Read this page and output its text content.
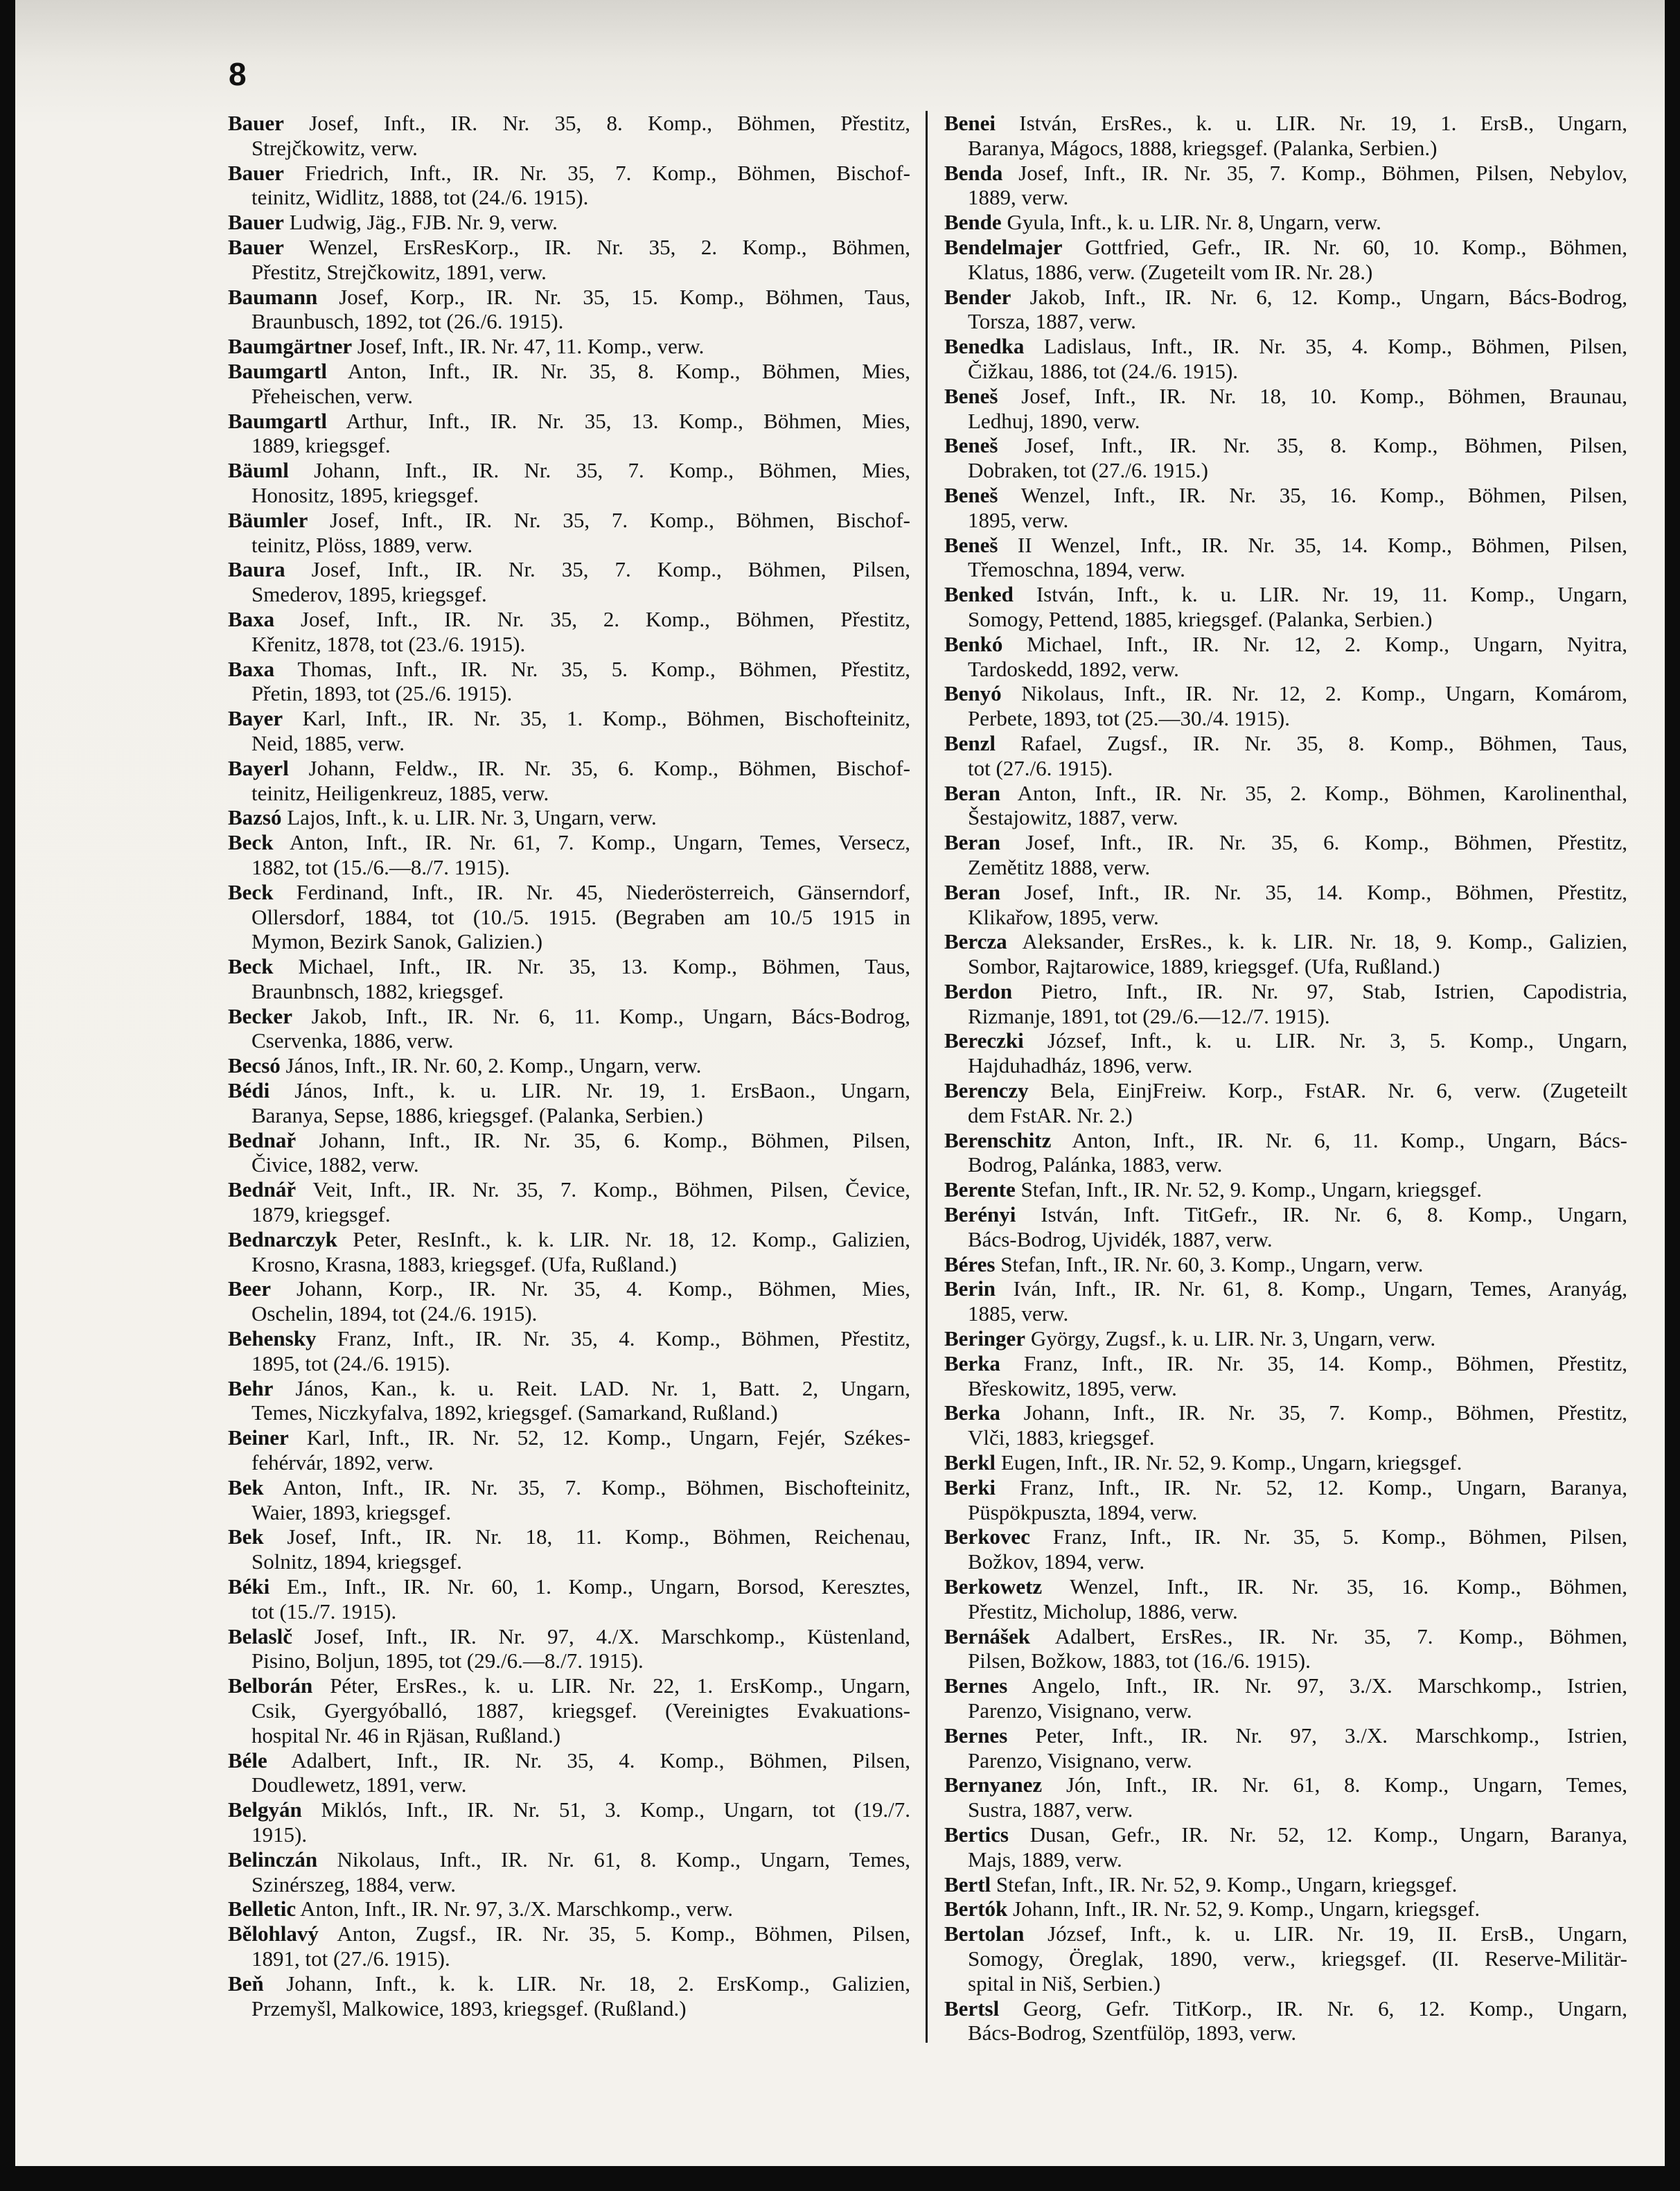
8
Bauer Josef, Inft., IR. Nr. 35, 8. Komp., Böhmen, Přestitz,
Strejčkowitz, verw.
Bauer Friedrich, Inft., IR. Nr. 35, 7. Komp., Böhmen, Bischof-
teinitz, Widlitz, 1888, tot (24./6. 1915).
Bauer Ludwig, Jäg., FJB. Nr. 9, verw.
Bauer Wenzel, ErsResKorp., IR. Nr. 35, 2. Komp., Böhmen,
Přestitz, Strejčkowitz, 1891, verw.
Baumann Josef, Korp., IR. Nr. 35, 15. Komp., Böhmen, Taus,
Braunbusch, 1892, tot (26./6. 1915).
Baumgärtner Josef, Inft., IR. Nr. 47, 11. Komp., verw.
Baumgartl Anton, Inft., IR. Nr. 35, 8. Komp., Böhmen, Mies,
Přeheischen, verw.
Baumgartl Arthur, Inft., IR. Nr. 35, 13. Komp., Böhmen, Mies,
1889, kriegsgef.
Bäuml Johann, Inft., IR. Nr. 35, 7. Komp., Böhmen, Mies,
Honositz, 1895, kriegsgef.
Bäumler Josef, Inft., IR. Nr. 35, 7. Komp., Böhmen, Bischof-
teinitz, Plöss, 1889, verw.
Baura Josef, Inft., IR. Nr. 35, 7. Komp., Böhmen, Pilsen,
Smederov, 1895, kriegsgef.
Baxa Josef, Inft., IR. Nr. 35, 2. Komp., Böhmen, Přestitz,
Křenitz, 1878, tot (23./6. 1915).
Baxa Thomas, Inft., IR. Nr. 35, 5. Komp., Böhmen, Přestitz,
Přetin, 1893, tot (25./6. 1915).
Bayer Karl, Inft., IR. Nr. 35, 1. Komp., Böhmen, Bischofteinitz,
Neid, 1885, verw.
Bayerl Johann, Feldw., IR. Nr. 35, 6. Komp., Böhmen, Bischof-
teinitz, Heiligenkreuz, 1885, verw.
Bazsó Lajos, Inft., k. u. LIR. Nr. 3, Ungarn, verw.
Beck Anton, Inft., IR. Nr. 61, 7. Komp., Ungarn, Temes, Versecz,
1882, tot (15./6.—8./7. 1915).
Beck Ferdinand, Inft., IR. Nr. 45, Niederösterreich, Gänserndorf,
Ollersdorf, 1884, tot (10./5. 1915. (Begraben am 10./5 1915 in
Mymon, Bezirk Sanok, Galizien.)
Beck Michael, Inft., IR. Nr. 35, 13. Komp., Böhmen, Taus,
Braunbnsch, 1882, kriegsgef.
Becker Jakob, Inft., IR. Nr. 6, 11. Komp., Ungarn, Bács-Bodrog,
Cservenka, 1886, verw.
Becsó János, Inft., IR. Nr. 60, 2. Komp., Ungarn, verw.
Bédi János, Inft., k. u. LIR. Nr. 19, 1. ErsBaon., Ungarn,
Baranya, Sepse, 1886, kriegsgef. (Palanka, Serbien.)
Bednař Johann, Inft., IR. Nr. 35, 6. Komp., Böhmen, Pilsen,
Čivice, 1882, verw.
Bednář Veit, Inft., IR. Nr. 35, 7. Komp., Böhmen, Pilsen, Čevice,
1879, kriegsgef.
Bednarczyk Peter, ResInft., k. k. LIR. Nr. 18, 12. Komp., Galizien,
Krosno, Krasna, 1883, kriegsgef. (Ufa, Rußland.)
Beer Johann, Korp., IR. Nr. 35, 4. Komp., Böhmen, Mies,
Oschelin, 1894, tot (24./6. 1915).
Behensky Franz, Inft., IR. Nr. 35, 4. Komp., Böhmen, Přestitz,
1895, tot (24./6. 1915).
Behr János, Kan., k. u. Reit. LAD. Nr. 1, Batt. 2, Ungarn,
Temes, Niczkyfalva, 1892, kriegsgef. (Samarkand, Rußland.)
Beiner Karl, Inft., IR. Nr. 52, 12. Komp., Ungarn, Fejér, Székes-
fehérvár, 1892, verw.
Bek Anton, Inft., IR. Nr. 35, 7. Komp., Böhmen, Bischofteinitz,
Waier, 1893, kriegsgef.
Bek Josef, Inft., IR. Nr. 18, 11. Komp., Böhmen, Reichenau,
Solnitz, 1894, kriegsgef.
Béki Em., Inft., IR. Nr. 60, 1. Komp., Ungarn, Borsod, Keresztes,
tot (15./7. 1915).
Belaslč Josef, Inft., IR. Nr. 97, 4./X. Marschkomp., Küstenland,
Pisino, Boljun, 1895, tot (29./6.—8./7. 1915).
Belborán Péter, ErsRes., k. u. LIR. Nr. 22, 1. ErsKomp., Ungarn,
Csik, Gyergyóballó, 1887, kriegsgef. (Vereinigtes Evakuations-
hospital Nr. 46 in Rjäsan, Rußland.)
Béle Adalbert, Inft., IR. Nr. 35, 4. Komp., Böhmen, Pilsen,
Doudlewetz, 1891, verw.
Belgyán Miklós, Inft., IR. Nr. 51, 3. Komp., Ungarn, tot (19./7.
1915).
Belinczán Nikolaus, Inft., IR. Nr. 61, 8. Komp., Ungarn, Temes,
Szinérszeg, 1884, verw.
Belletic Anton, Inft., IR. Nr. 97, 3./X. Marschkomp., verw.
Bělohlavý Anton, Zugsf., IR. Nr. 35, 5. Komp., Böhmen, Pilsen,
1891, tot (27./6. 1915).
Beň Johann, Inft., k. k. LIR. Nr. 18, 2. ErsKomp., Galizien,
Przemyšl, Malkowice, 1893, kriegsgef. (Rußland.)
Benei István, ErsRes., k. u. LIR. Nr. 19, 1. ErsB., Ungarn,
Baranya, Mágocs, 1888, kriegsgef. (Palanka, Serbien.)
Benda Josef, Inft., IR. Nr. 35, 7. Komp., Böhmen, Pilsen, Nebylov,
1889, verw.
Bende Gyula, Inft., k. u. LIR. Nr. 8, Ungarn, verw.
Bendelmajer Gottfried, Gefr., IR. Nr. 60, 10. Komp., Böhmen,
Klatus, 1886, verw. (Zugeteilt vom IR. Nr. 28.)
Bender Jakob, Inft., IR. Nr. 6, 12. Komp., Ungarn, Bács-Bodrog,
Torsza, 1887, verw.
Benedka Ladislaus, Inft., IR. Nr. 35, 4. Komp., Böhmen, Pilsen,
Čižkau, 1886, tot (24./6. 1915).
Beneš Josef, Inft., IR. Nr. 18, 10. Komp., Böhmen, Braunau,
Ledhuj, 1890, verw.
Beneš Josef, Inft., IR. Nr. 35, 8. Komp., Böhmen, Pilsen,
Dobraken, tot (27./6. 1915.)
Beneš Wenzel, Inft., IR. Nr. 35, 16. Komp., Böhmen, Pilsen,
1895, verw.
Beneš II Wenzel, Inft., IR. Nr. 35, 14. Komp., Böhmen, Pilsen,
Třemoschna, 1894, verw.
Benked István, Inft., k. u. LIR. Nr. 19, 11. Komp., Ungarn,
Somogy, Pettend, 1885, kriegsgef. (Palanka, Serbien.)
Benkó Michael, Inft., IR. Nr. 12, 2. Komp., Ungarn, Nyitra,
Tardoskedd, 1892, verw.
Benyó Nikolaus, Inft., IR. Nr. 12, 2. Komp., Ungarn, Komárom,
Perbete, 1893, tot (25.—30./4. 1915).
Benzl Rafael, Zugsf., IR. Nr. 35, 8. Komp., Böhmen, Taus,
tot (27./6. 1915).
Beran Anton, Inft., IR. Nr. 35, 2. Komp., Böhmen, Karolinenthal,
Šestajowitz, 1887, verw.
Beran Josef, Inft., IR. Nr. 35, 6. Komp., Böhmen, Přestitz,
Zemětitz 1888, verw.
Beran Josef, Inft., IR. Nr. 35, 14. Komp., Böhmen, Přestitz,
Klikařow, 1895, verw.
Bercza Aleksander, ErsRes., k. k. LIR. Nr. 18, 9. Komp., Galizien,
Sombor, Rajtarowice, 1889, kriegsgef. (Ufa, Rußland.)
Berdon Pietro, Inft., IR. Nr. 97, Stab, Istrien, Capodistria,
Rizmanje, 1891, tot (29./6.—12./7. 1915).
Bereczki József, Inft., k. u. LIR. Nr. 3, 5. Komp., Ungarn,
Hajduhadház, 1896, verw.
Berenczy Bela, EinjFreiw. Korp., FstAR. Nr. 6, verw. (Zugeteilt
dem FstAR. Nr. 2.)
Berenschitz Anton, Inft., IR. Nr. 6, 11. Komp., Ungarn, Bács-
Bodrog, Palánka, 1883, verw.
Berente Stefan, Inft., IR. Nr. 52, 9. Komp., Ungarn, kriegsgef.
Berényi István, Inft. TitGefr., IR. Nr. 6, 8. Komp., Ungarn,
Bács-Bodrog, Ujvidék, 1887, verw.
Béres Stefan, Inft., IR. Nr. 60, 3. Komp., Ungarn, verw.
Berin Iván, Inft., IR. Nr. 61, 8. Komp., Ungarn, Temes, Aranyág,
1885, verw.
Beringer György, Zugsf., k. u. LIR. Nr. 3, Ungarn, verw.
Berka Franz, Inft., IR. Nr. 35, 14. Komp., Böhmen, Přestitz,
Břeskowitz, 1895, verw.
Berka Johann, Inft., IR. Nr. 35, 7. Komp., Böhmen, Přestitz,
Vlči, 1883, kriegsgef.
Berkl Eugen, Inft., IR. Nr. 52, 9. Komp., Ungarn, kriegsgef.
Berki Franz, Inft., IR. Nr. 52, 12. Komp., Ungarn, Baranya,
Püspökpuszta, 1894, verw.
Berkovec Franz, Inft., IR. Nr. 35, 5. Komp., Böhmen, Pilsen,
Božkov, 1894, verw.
Berkowetz Wenzel, Inft., IR. Nr. 35, 16. Komp., Böhmen,
Přestitz, Micholup, 1886, verw.
Bernášek Adalbert, ErsRes., IR. Nr. 35, 7. Komp., Böhmen,
Pilsen, Božkow, 1883, tot (16./6. 1915).
Bernes Angelo, Inft., IR. Nr. 97, 3./X. Marschkomp., Istrien,
Parenzo, Visignano, verw.
Bernes Peter, Inft., IR. Nr. 97, 3./X. Marschkomp., Istrien,
Parenzo, Visignano, verw.
Bernyanez Jón, Inft., IR. Nr. 61, 8. Komp., Ungarn, Temes,
Sustra, 1887, verw.
Bertics Dusan, Gefr., IR. Nr. 52, 12. Komp., Ungarn, Baranya,
Majs, 1889, verw.
Bertl Stefan, Inft., IR. Nr. 52, 9. Komp., Ungarn, kriegsgef.
Bertók Johann, Inft., IR. Nr. 52, 9. Komp., Ungarn, kriegsgef.
Bertolan József, Inft., k. u. LIR. Nr. 19, II. ErsB., Ungarn,
Somogy, Öreglak, 1890, verw., kriegsgef. (II. Reserve-Militär-
spital in Niš, Serbien.)
Bertsl Georg, Gefr. TitKorp., IR. Nr. 6, 12. Komp., Ungarn,
Bács-Bodrog, Szentfülöp, 1893, verw.
